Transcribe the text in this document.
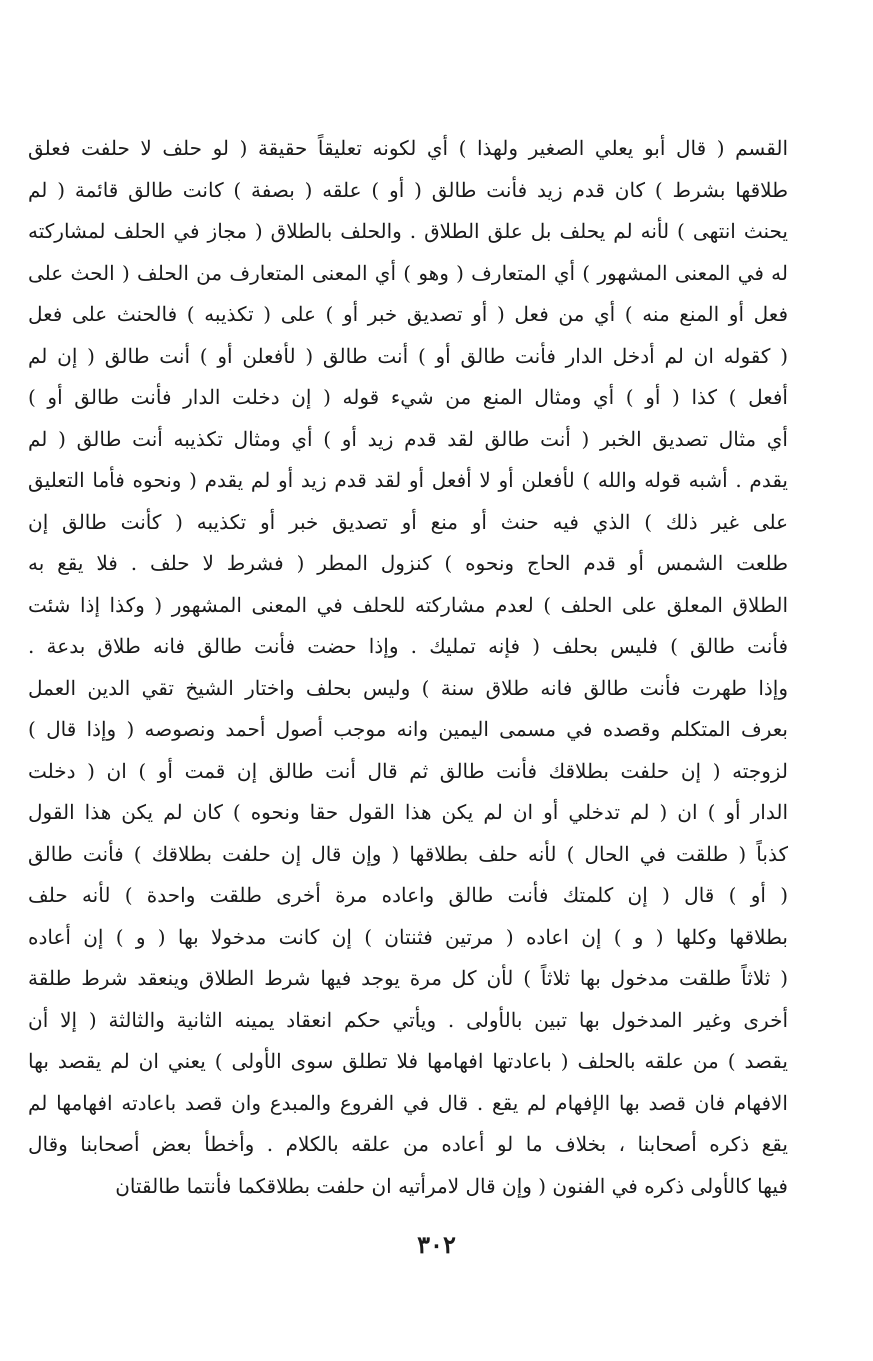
القسم ( قال أبو يعلي الصغير ولهذا ) أي لكونه تعليقاً حقيقة ( لو حلف لا حلفت فعلق
طلاقها بشرط ) كان قدم زيد فأنت طالق ( أو ) علقه ( بصفة ) كانت طالق قائمة ( لم
يحنث انتهى ) لأنه لم يحلف بل علق الطلاق . والحلف بالطلاق ( مجاز في الحلف لمشاركته
له في المعنى المشهور ) أي المتعارف ( وهو ) أي المعنى المتعارف من الحلف ( الحث على
فعل أو المنع منه ) أي من فعل ( أو تصديق خبر أو ) على ( تكذيبه ) فالحنث على فعل
( كقوله ان لم أدخل الدار فأنت طالق أو ) أنت طالق ( لأفعلن أو ) أنت طالق ( إن لم
أفعل ) كذا ( أو ) أي ومثال المنع من شيء قوله ( إن دخلت الدار فأنت طالق أو )
أي مثال تصديق الخبر ( أنت طالق لقد قدم زيد أو ) أي ومثال تكذيبه أنت طالق ( لم
يقدم . أشبه قوله والله ) لأفعلن أو لا أفعل أو لقد قدم زيد أو لم يقدم ( ونحوه فأما التعليق
على غير ذلك ) الذي فيه حنث أو منع أو تصديق خبر أو تكذيبه ( كأنت طالق إن
طلعت الشمس أو قدم الحاج ونحوه ) كنزول المطر ( فشرط لا حلف . فلا يقع به
الطلاق المعلق على الحلف ) لعدم مشاركته للحلف في المعنى المشهور ( وكذا إذا شئت
فأنت طالق ) فليس بحلف ( فإنه تمليك . وإذا حضت فأنت طالق فانه طلاق بدعة .
وإذا طهرت فأنت طالق فانه طلاق سنة ) وليس بحلف واختار الشيخ تقي الدين العمل
بعرف المتكلم وقصده في مسمى اليمين وانه موجب أصول أحمد ونصوصه ( وإذا قال )
لزوجته ( إن حلفت بطلاقك فأنت طالق ثم قال أنت طالق إن قمت أو ) ان ( دخلت
الدار أو ) ان ( لم تدخلي أو ان لم يكن هذا القول حقا ونحوه ) كان لم يكن هذا القول
كذباً ( طلقت في الحال ) لأنه حلف بطلاقها ( وإن قال إن حلفت بطلاقك ) فأنت طالق
( أو ) قال ( إن كلمتك فأنت طالق واعاده مرة أخرى طلقت واحدة ) لأنه حلف
بطلاقها وكلها ( و ) إن اعاده ( مرتين فثنتان ) إن كانت مدخولا بها ( و ) إن أعاده
( ثلاثاً طلقت مدخول بها ثلاثاً ) لأن كل مرة يوجد فيها شرط الطلاق وينعقد شرط طلقة
أخرى وغير المدخول بها تبين بالأولى . ويأتي حكم انعقاد يمينه الثانية والثالثة ( إلا أن
يقصد ) من علقه بالحلف ( باعادتها افهامها فلا تطلق سوى الأولى ) يعني ان لم يقصد بها
الافهام فان قصد بها الإفهام لم يقع . قال في الفروع والمبدع وان قصد باعادته افهامها لم
يقع ذكره أصحابنا ، بخلاف ما لو أعاده من علقه بالكلام . وأخطأ بعض أصحابنا وقال
فيها كالأولى ذكره في الفنون ( وإن قال لامرأتيه ان حلفت بطلاقكما فأنتما طالقتان
٣٠٢
